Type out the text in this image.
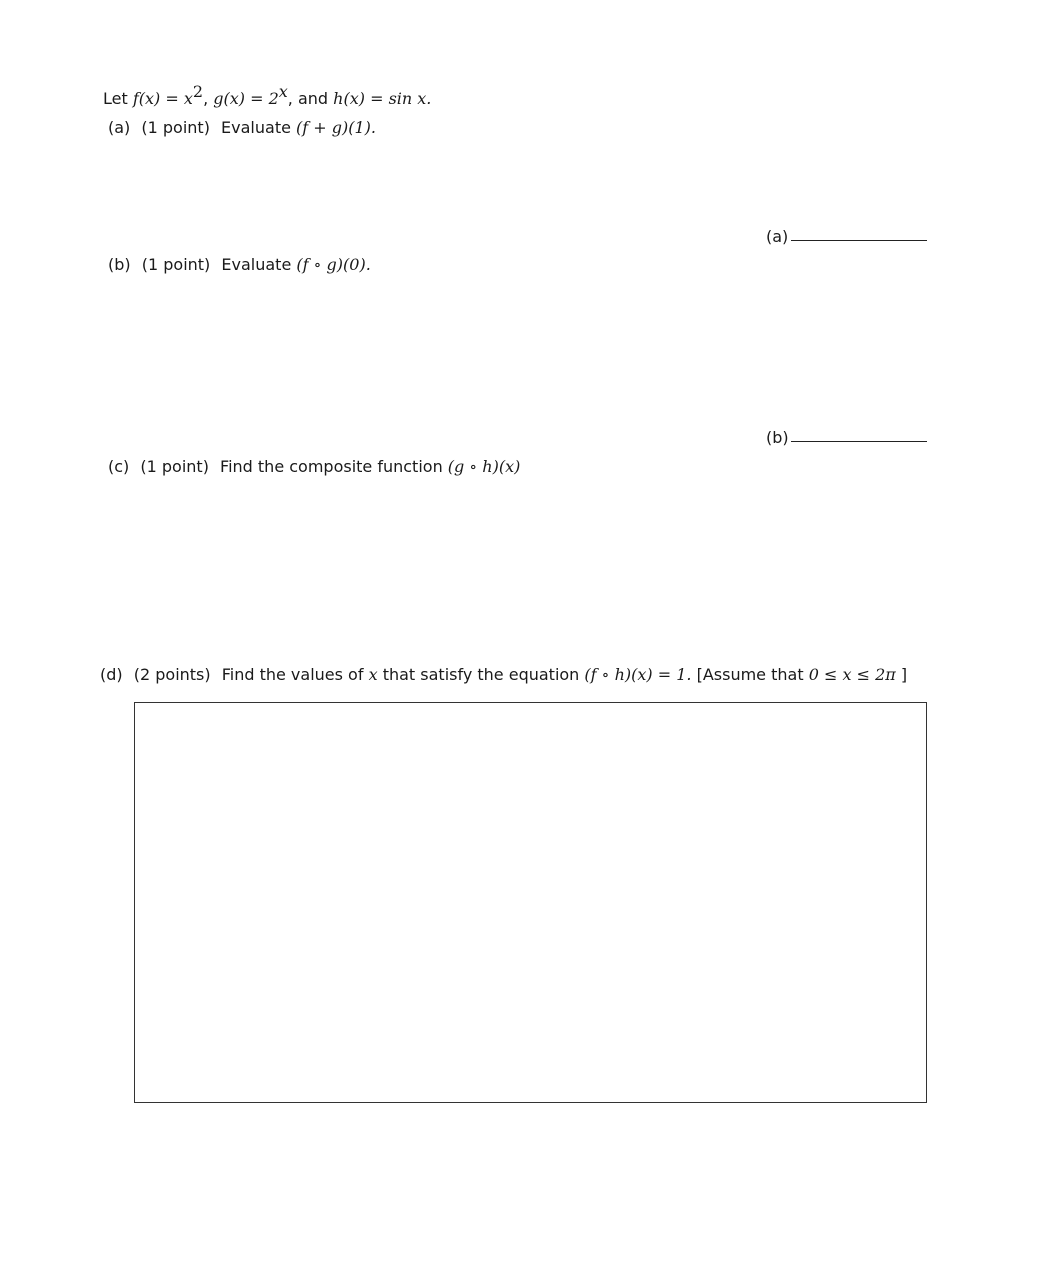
Let $f(x) = x^2$, $g(x) = 2^x$, and h(x) = sin x.
(a) (1 point) Evaluate (f + g)(1).
(a)
(b) (1 point) Evaluate (f ∘ g)(0).
(b)
(c) (1 point) Find the composite function (g ∘ h)(x)
(d) (2 points) Find the values of x that satisfy the equation (f ∘ h)(x) = 1. [Assume that 0 ≤ x ≤ 2π ]
